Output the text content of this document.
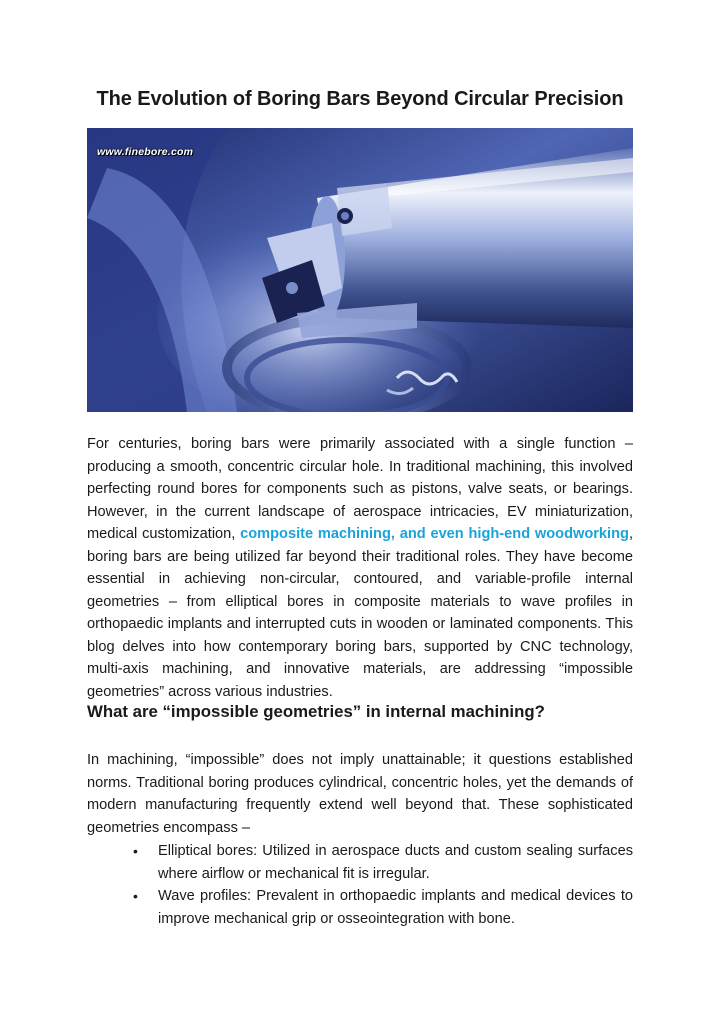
The Evolution of Boring Bars Beyond Circular Precision
www.finebore.com

For centuries, boring bars were primarily associated with a single function – producing a smooth, concentric circular hole. In traditional machining, this involved perfecting round bores for components such as pistons, valve seats, or bearings. However, in the current landscape of aerospace intricacies, EV miniaturization, medical customization, composite machining, and even high-end woodworking, boring bars are being utilized far beyond their traditional roles. They have become essential in achieving non-circular, contoured, and variable-profile internal geometries – from elliptical bores in composite materials to wave profiles in orthopaedic implants and interrupted cuts in wooden or laminated components. This blog delves into how contemporary boring bars, supported by CNC technology, multi-axis machining, and innovative materials, are addressing “impossible geometries” across various industries.

What are “impossible geometries” in internal machining?

In machining, “impossible” does not imply unattainable; it questions established norms. Traditional boring produces cylindrical, concentric holes, yet the demands of modern manufacturing frequently extend well beyond that. These sophisticated geometries encompass –

• Elliptical bores: Utilized in aerospace ducts and custom sealing surfaces where airflow or mechanical fit is irregular.
• Wave profiles: Prevalent in orthopaedic implants and medical devices to improve mechanical grip or osseointegration with bone.
